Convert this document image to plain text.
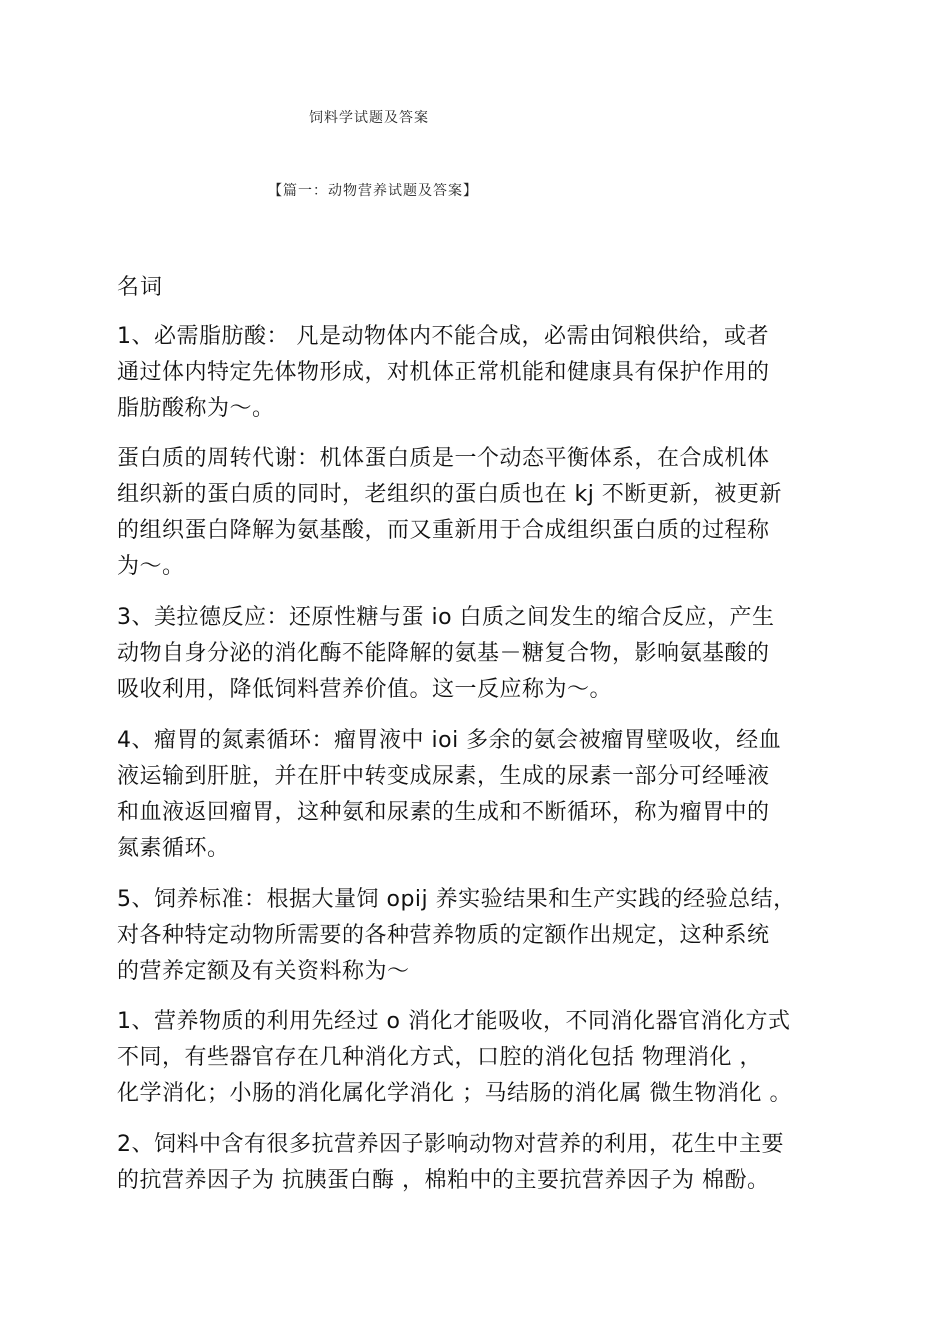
饲料学试题及答案
【篇一：动物营养试题及答案】
名词
1、必需脂肪酸： 凡是动物体内不能合成，必需由饲粮供给，或者
通过体内特定先体物形成，对机体正常机能和健康具有保护作用的
脂肪酸称为～。
蛋白质的周转代谢：机体蛋白质是一个动态平衡体系，在合成机体
组织新的蛋白质的同时，老组织的蛋白质也在 kj 不断更新，被更新
的组织蛋白降解为氨基酸，而又重新用于合成组织蛋白质的过程称
为～。
3、美拉德反应：还原性糖与蛋 io 白质之间发生的缩合反应，产生
动物自身分泌的消化酶不能降解的氨基－糖复合物，影响氨基酸的
吸收利用，降低饲料营养价值。这一反应称为～。
4、瘤胃的氮素循环：瘤胃液中 ioi 多余的氨会被瘤胃壁吸收，经血
液运输到肝脏，并在肝中转变成尿素，生成的尿素一部分可经唾液
和血液返回瘤胃，这种氨和尿素的生成和不断循环，称为瘤胃中的
氮素循环。
5、饲养标准：根据大量饲 opij 养实验结果和生产实践的经验总结，
对各种特定动物所需要的各种营养物质的定额作出规定，这种系统
的营养定额及有关资料称为～
1、营养物质的利用先经过 o 消化才能吸收，不同消化器官消化方式
不同，有些器官存在几种消化方式，口腔的消化包括 物理消化 ，
化学消化；小肠的消化属化学消化 ；马结肠的消化属 微生物消化 。
2、饲料中含有很多抗营养因子影响动物对营养的利用，花生中主要
的抗营养因子为 抗胰蛋白酶 ，棉粕中的主要抗营养因子为 棉酚。
